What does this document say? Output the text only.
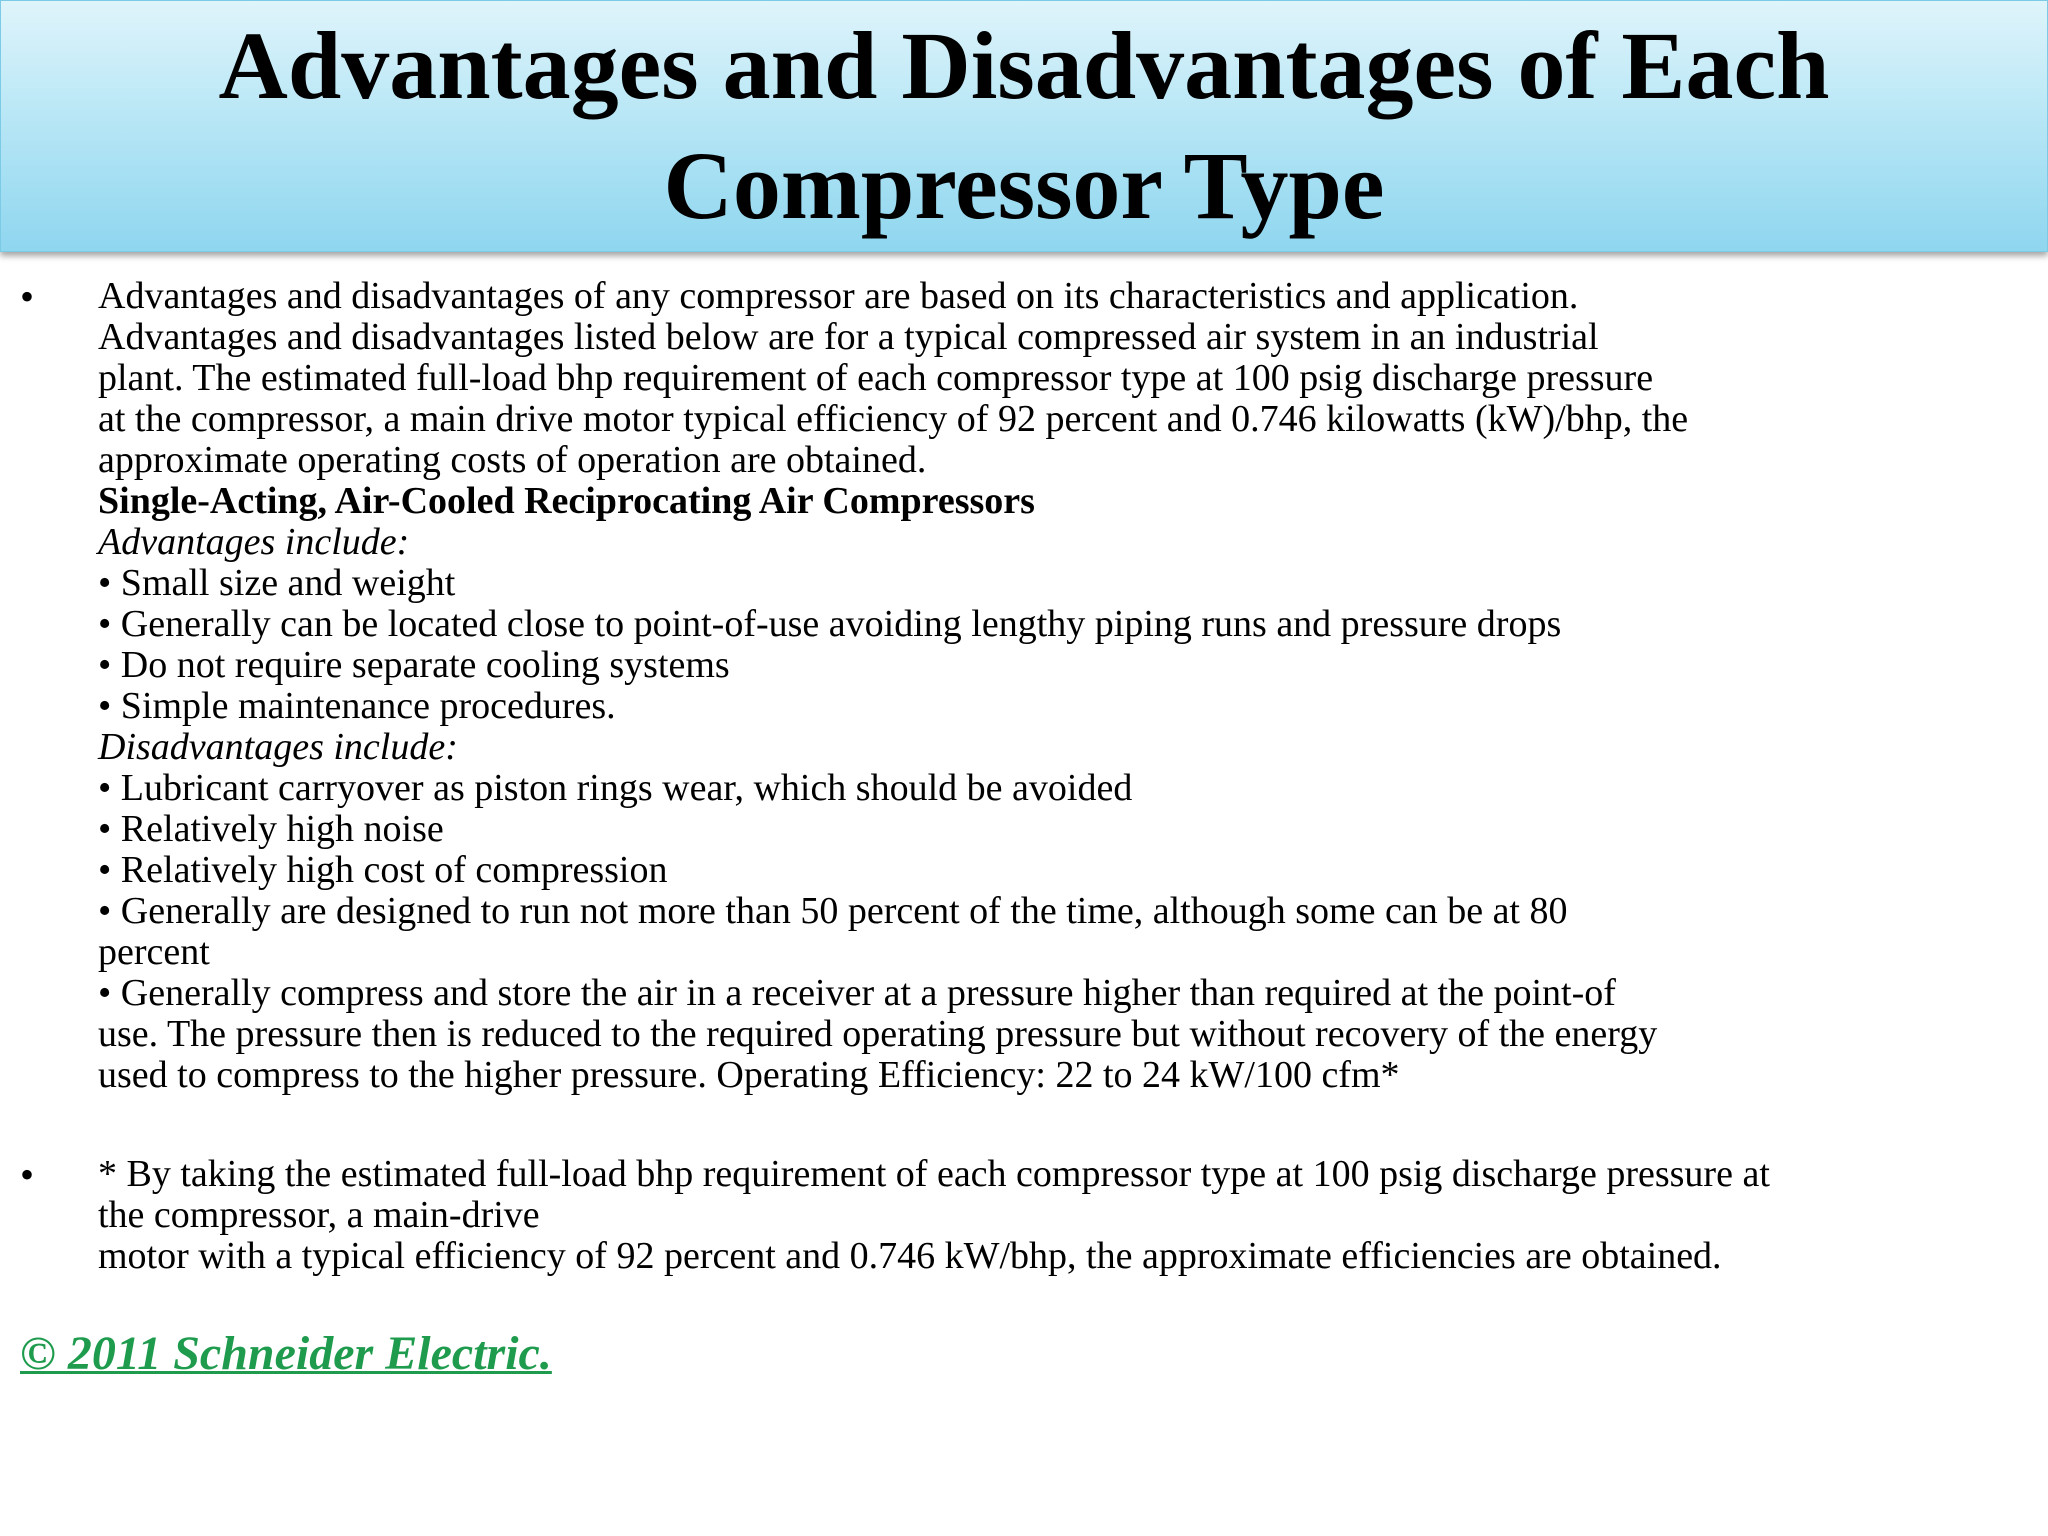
Advantages and Disadvantages of Each
Compressor Type
• Advantages and disadvantages of any compressor are based on its characteristics and application.
Advantages and disadvantages listed below are for a typical compressed air system in an industrial
plant. The estimated full-load bhp requirement of each compressor type at 100 psig discharge pressure
at the compressor, a main drive motor typical efficiency of 92 percent and 0.746 kilowatts (kW)/bhp, the
approximate operating costs of operation are obtained.
Single-Acting, Air-Cooled Reciprocating Air Compressors
Advantages include:
• Small size and weight
• Generally can be located close to point-of-use avoiding lengthy piping runs and pressure drops
• Do not require separate cooling systems
• Simple maintenance procedures.
Disadvantages include:
• Lubricant carryover as piston rings wear, which should be avoided
• Relatively high noise
• Relatively high cost of compression
• Generally are designed to run not more than 50 percent of the time, although some can be at 80
percent
• Generally compress and store the air in a receiver at a pressure higher than required at the point-of
use. The pressure then is reduced to the required operating pressure but without recovery of the energy
used to compress to the higher pressure. Operating Efficiency: 22 to 24 kW/100 cfm*
• * By taking the estimated full-load bhp requirement of each compressor type at 100 psig discharge pressure at
the compressor, a main-drive
motor with a typical efficiency of 92 percent and 0.746 kW/bhp, the approximate efficiencies are obtained.
© 2011 Schneider Electric.
